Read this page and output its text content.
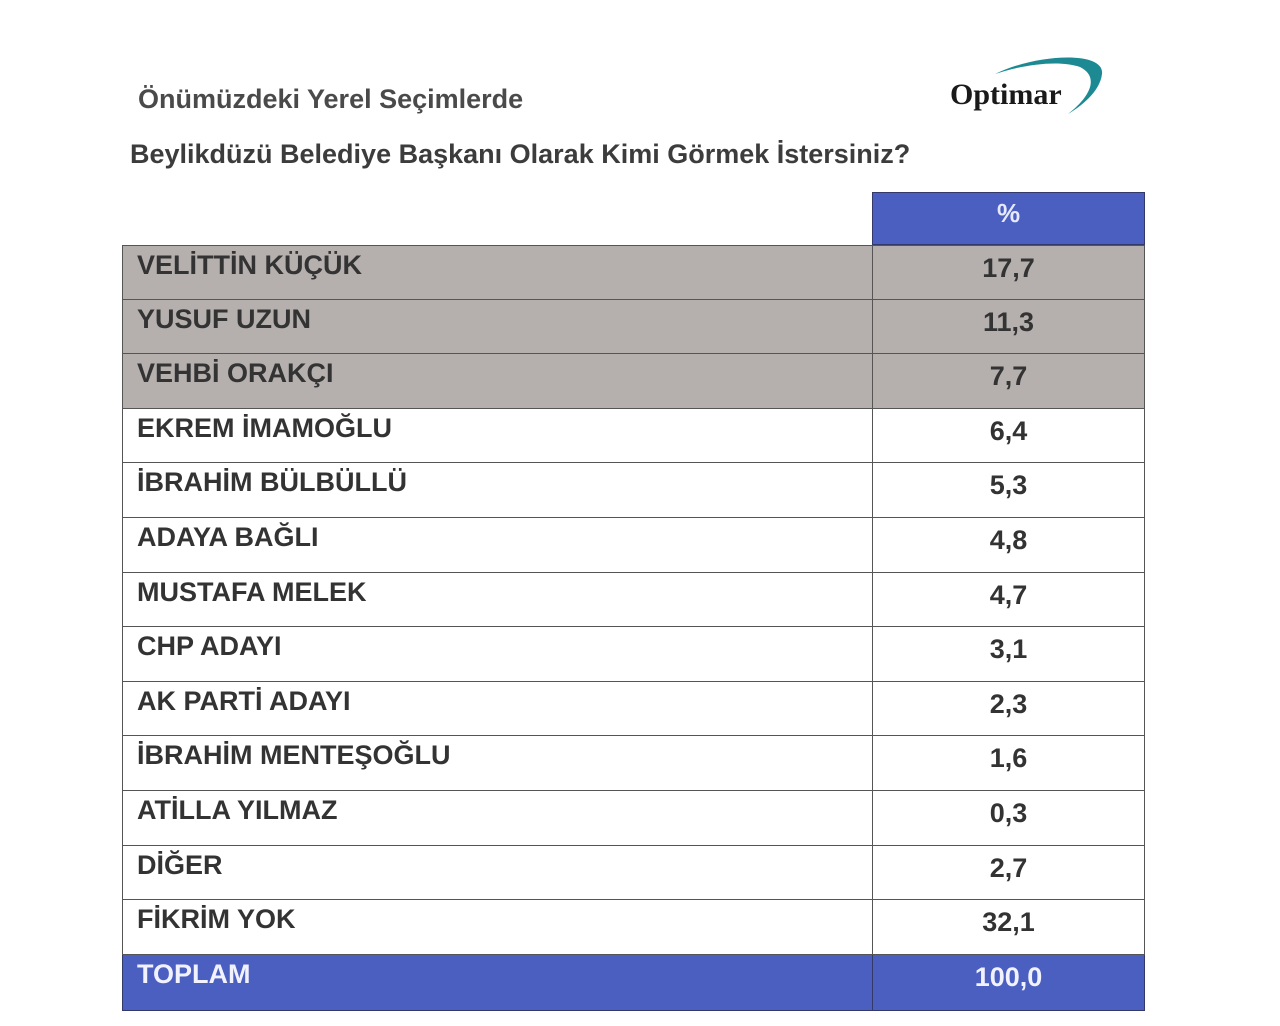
Önümüzdeki Yerel Seçimlerde
Beylikdüzü Belediye Başkanı Olarak Kimi Görmek İstersiniz?
Optimar
%
VELİTTİN KÜÇÜK	17,7
YUSUF UZUN	11,3
VEHBİ ORAKÇI	7,7
EKREM İMAMOĞLU	6,4
İBRAHİM BÜLBÜLLÜ	5,3
ADAYA BAĞLI	4,8
MUSTAFA MELEK	4,7
CHP ADAYI	3,1
AK PARTİ ADAYI	2,3
İBRAHİM MENTEŞOĞLU	1,6
ATİLLA YILMAZ	0,3
DİĞER	2,7
FİKRİM YOK	32,1
TOPLAM	100,0
